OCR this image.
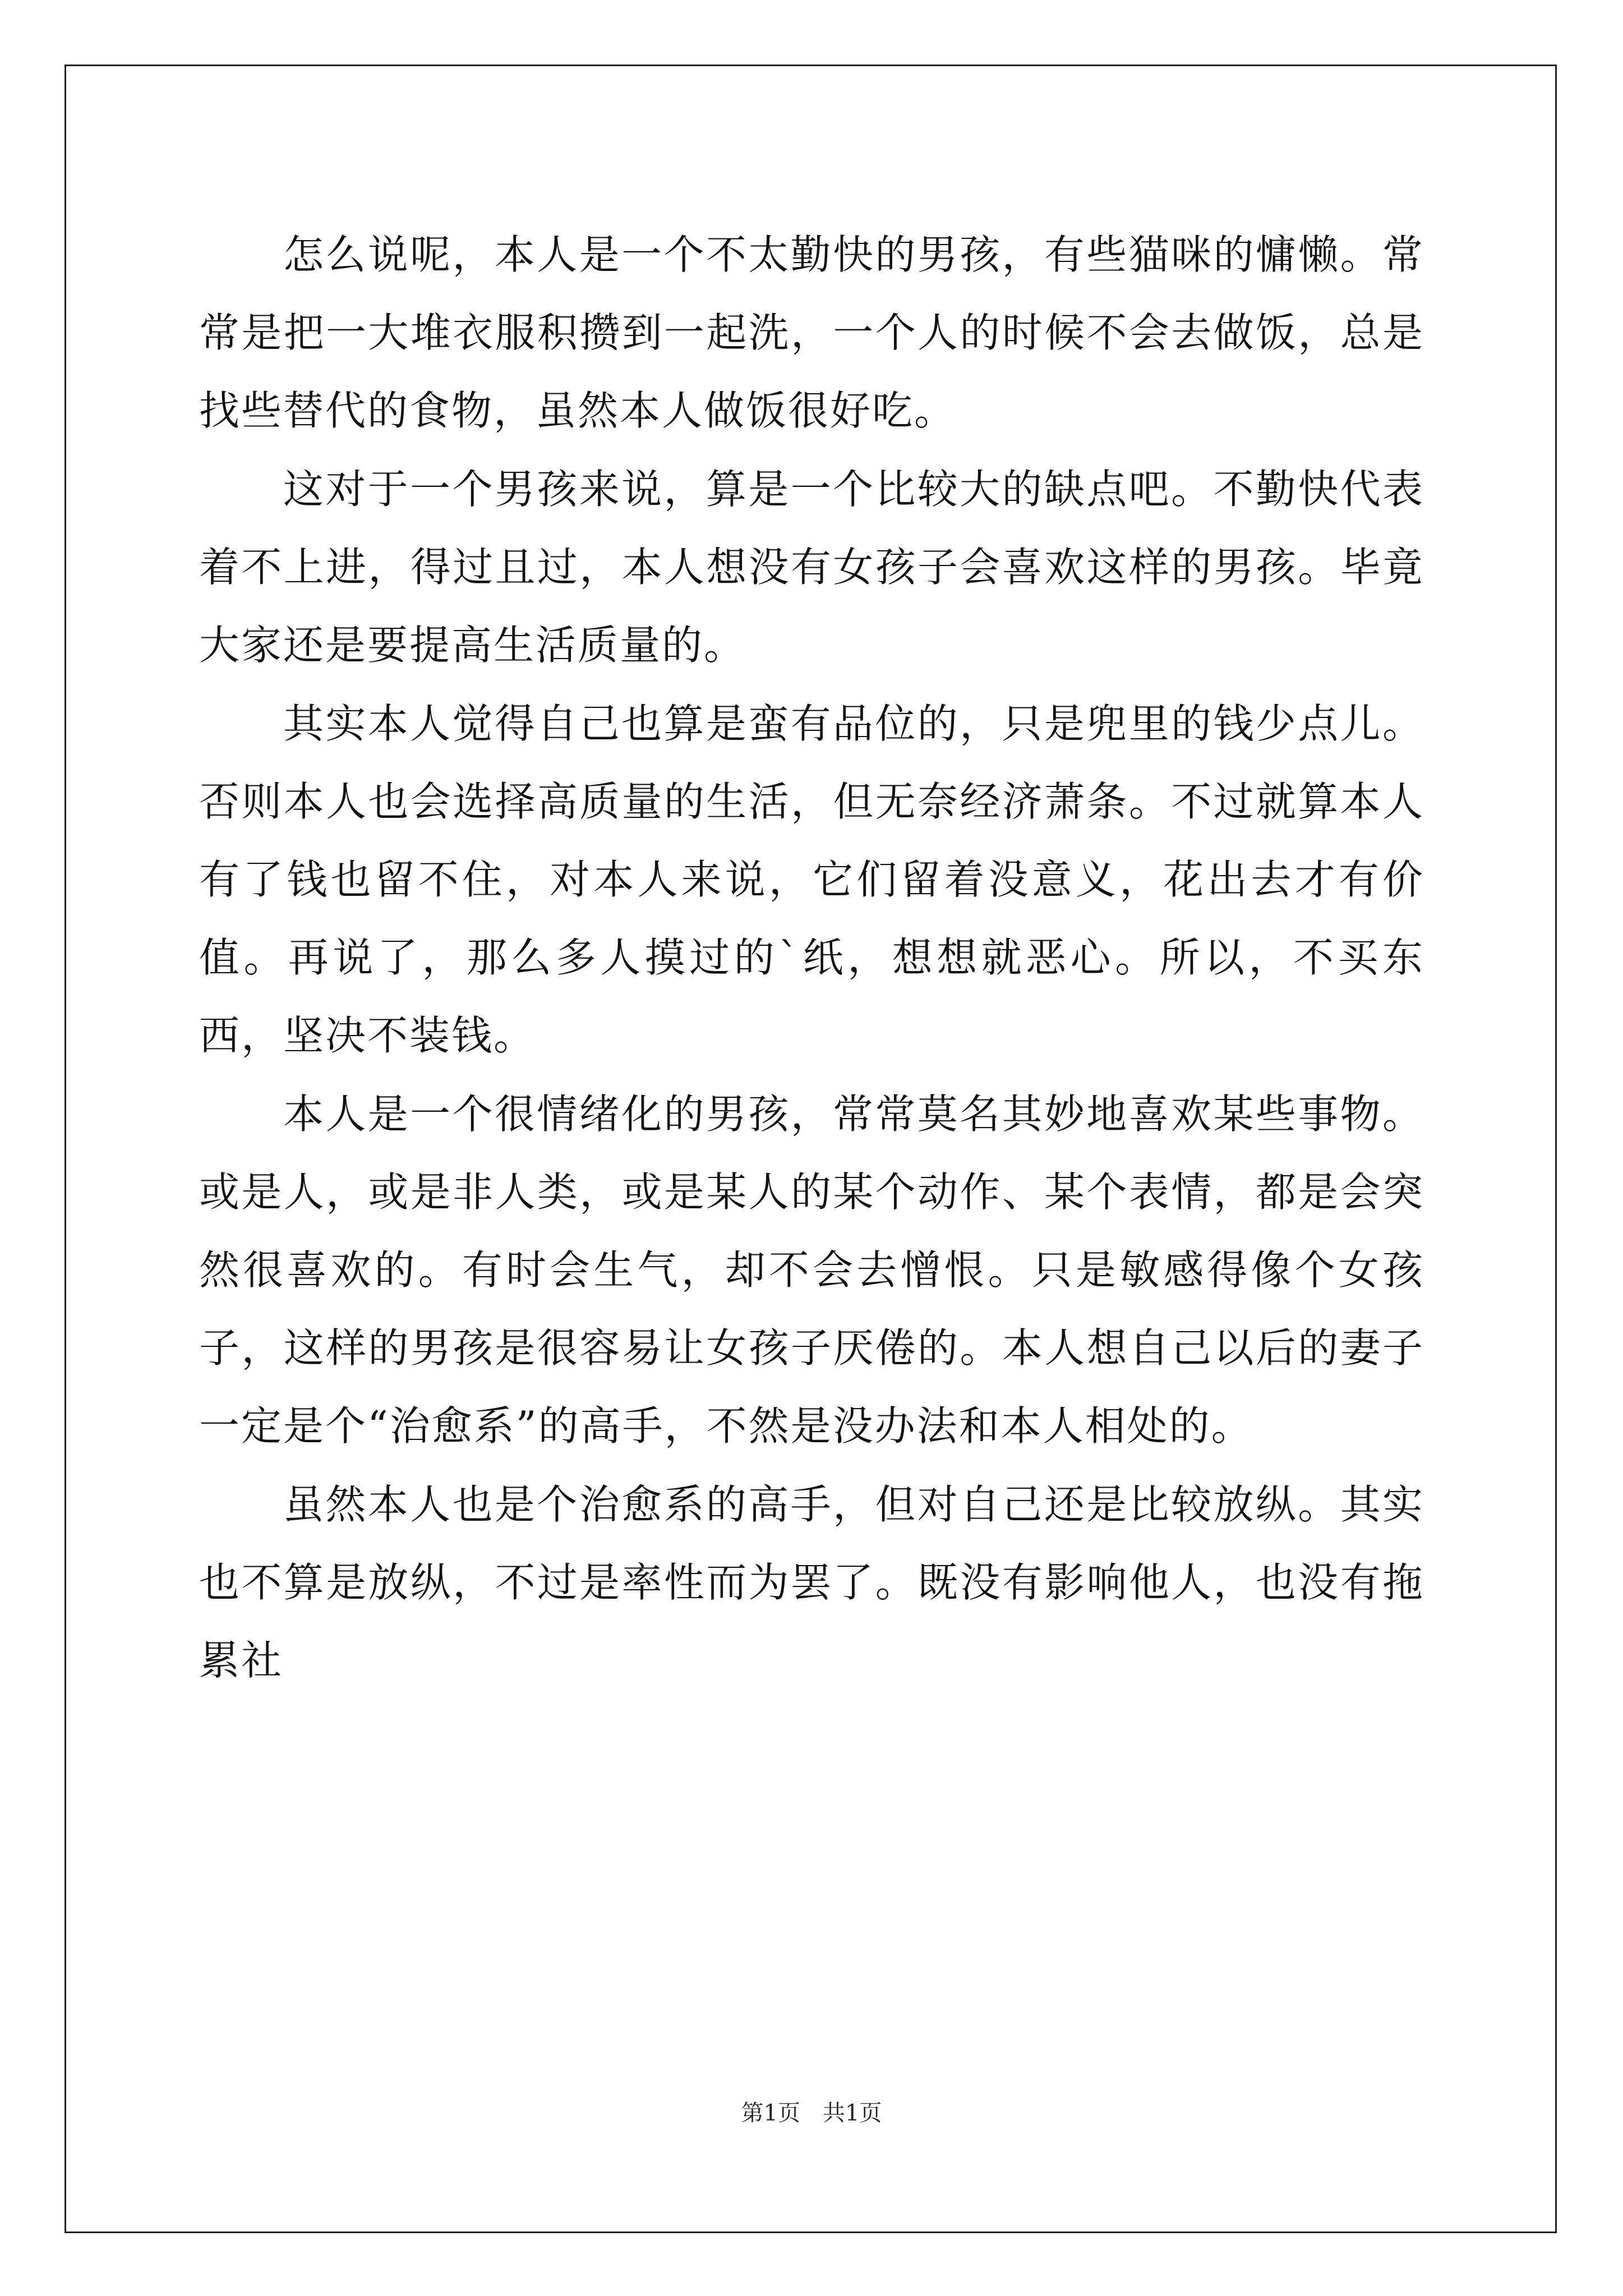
怎么说呢，本人是一个不太勤快的男孩，有些猫咪的慵懒。常常是把一大堆衣服积攒到一起洗，一个人的时候不会去做饭，总是找些替代的食物，虽然本人做饭很好吃。

这对于一个男孩来说，算是一个比较大的缺点吧。不勤快代表着不上进，得过且过，本人想没有女孩子会喜欢这样的男孩。毕竟大家还是要提高生活质量的。

其实本人觉得自己也算是蛮有品位的，只是兜里的钱少点儿。否则本人也会选择高质量的生活，但无奈经济萧条。不过就算本人有了钱也留不住，对本人来说，它们留着没意义，花出去才有价值。再说了，那么多人摸过的`纸，想想就恶心。所以，不买东西，坚决不装钱。

本人是一个很情绪化的男孩，常常莫名其妙地喜欢某些事物。或是人，或是非人类，或是某人的某个动作、某个表情，都是会突然很喜欢的。有时会生气，却不会去憎恨。只是敏感得像个女孩子，这样的男孩是很容易让女孩子厌倦的。本人想自己以后的妻子一定是个“治愈系”的高手，不然是没办法和本人相处的。

虽然本人也是个治愈系的高手，但对自己还是比较放纵。其实也不算是放纵，不过是率性而为罢了。既没有影响他人，也没有拖累社

第1页　共1页
